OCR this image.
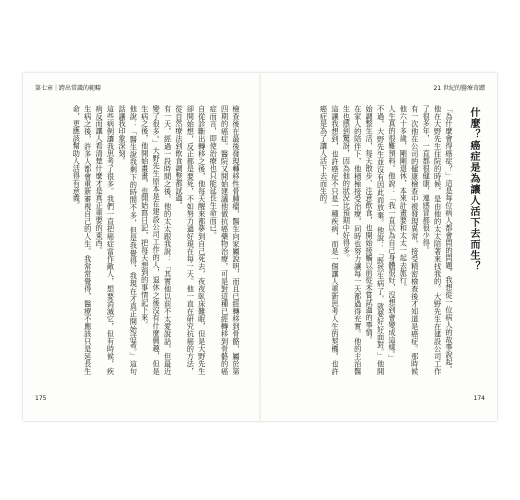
第七章｜跨出常識的範疇

檢查後在最後發現轉移性骨腫瘤，醫生向家屬說明，而且已經轉移到骨骼，屬於第四期的癌症。醫院又開始建議他做抗癌藥物治療，可是對這種已經轉移到骨骼的癌症而言，即使治療也只能延長生命而已。

自從診斷出轉移之後，他每天醒來都夢到自己死去，夜夜臥床難眠，但是大野先生卻開始想，反正都是要死，不如努力過好現在每一天。他一直在研究抗癌的方法，從自然療法到飲食調整都試過。

有一天，經過一段時間之後，他的太太跟我說：「其實他以前不太愛說話，但最近變了很多。」大野先生原本是在建設公司工作的人，退休之後沒有什麼興趣，但是生病之後，他開始畫畫，也開始寫日記，把每天想到的事情記下來。

他說：「醫生說我剩下的時間不多，但是我覺得，我現在才真正開始活著。」這句話讓我印象深刻。

這些病例讓我思考了很多。我們一直把癌症當作敵人，想要消滅它，但有時候，疾病反而讓人看清楚什麼才是真正重要的東西。

生病之後，許多人都會重新審視自己的人生。我常常覺得，醫療不應該只是延長生命，更應該幫助人活得有意義。

175
21 世紀的醫療奇蹟
什麼？癌症是為讓人活下去而生？

「為什麼會得癌症？」這是每位病人都會問的問題。我想從一位病人的故事說起。

他在大野先生住院的時候，是由他的太太陪著來找我的。大野先生在建設公司工作了很多年，一直都很健康，連感冒都很少得。

有一次他在公司的健康檢查中被發現異常，接受精密檢查後才知道是癌症。那時候他六十多歲，剛剛退休，本來計畫要和太太一起去旅行。

人生真的很難預料。他說：「我一直以為自己身體很好，沒想到會變成這樣。」

不過，大野先生並沒有因此而放棄。他說：「既然生病了，就要好好面對。」他開始調整生活，每天散步、注意飲食，也開始接觸以前從未嘗試過的事情。

在家人的陪伴下，他積極接受治療，同時也努力讓每一天都過得充實。他的主治醫生也感到驚訝，因為他的狀況比預期中好得多。

這讓我想到，也許癌症不只是一種疾病，而是一個讓人重新思考人生的契機。也許癌症是為了讓人活下去而生的。

174
